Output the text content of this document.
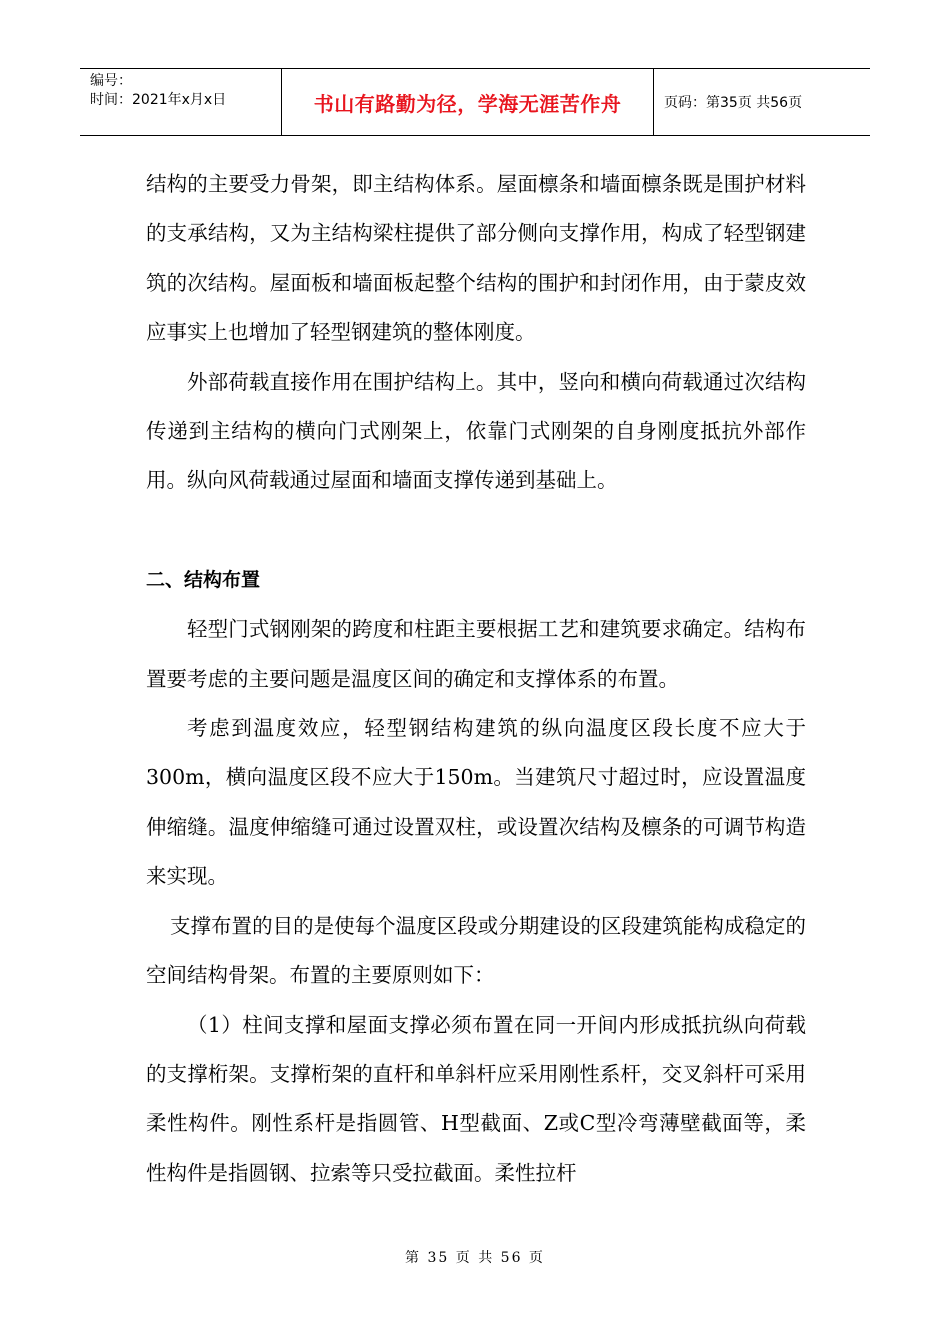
编号：
时间：2021年x月x日	书山有路勤为径，学海无涯苦作舟	页码：第35页 共56页

结构的主要受力骨架，即主结构体系。屋面檩条和墙面檩条既是围护材料的支承结构，又为主结构梁柱提供了部分侧向支撑作用，构成了轻型钢建筑的次结构。屋面板和墙面板起整个结构的围护和封闭作用，由于蒙皮效应事实上也增加了轻型钢建筑的整体刚度。

外部荷载直接作用在围护结构上。其中，竖向和横向荷载通过次结构传递到主结构的横向门式刚架上，依靠门式刚架的自身刚度抵抗外部作用。纵向风荷载通过屋面和墙面支撑传递到基础上。

二、结构布置

轻型门式钢刚架的跨度和柱距主要根据工艺和建筑要求确定。结构布置要考虑的主要问题是温度区间的确定和支撑体系的布置。

考虑到温度效应，轻型钢结构建筑的纵向温度区段长度不应大于300m，横向温度区段不应大于150m。当建筑尺寸超过时，应设置温度伸缩缝。温度伸缩缝可通过设置双柱，或设置次结构及檩条的可调节构造来实现。

支撑布置的目的是使每个温度区段或分期建设的区段建筑能构成稳定的空间结构骨架。布置的主要原则如下：

（1）柱间支撑和屋面支撑必须布置在同一开间内形成抵抗纵向荷载的支撑桁架。支撑桁架的直杆和单斜杆应采用刚性系杆，交叉斜杆可采用柔性构件。刚性系杆是指圆管、H型截面、Z或C型冷弯薄壁截面等，柔性构件是指圆钢、拉索等只受拉截面。柔性拉杆

第 35 页 共 56 页
